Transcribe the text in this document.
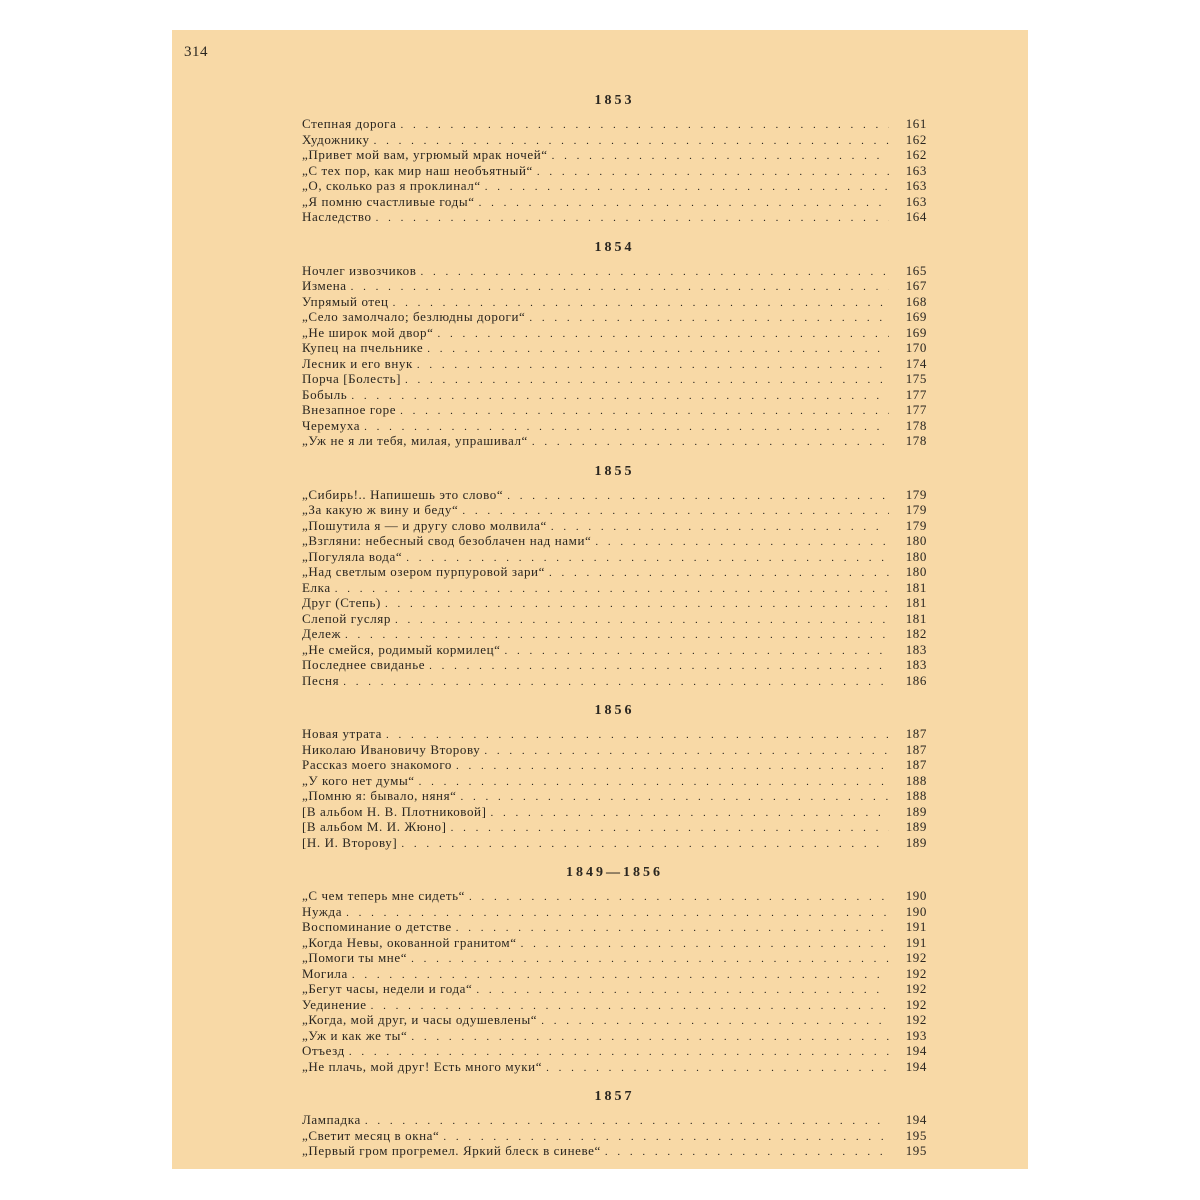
314
1853
Степная дорога . . .	161
Художнику . . .	162
„Привет мой вам, угрюмый мрак ночей“ . . .	162
„С тех пор, как мир наш необъятный“ . . .	163
„О, сколько раз я проклинал“ . . .	163
„Я помню счастливые годы“ . . .	163
Наследство . . .	164
1854
Ночлег извозчиков . . .	165
Измена . . .	167
Упрямый отец . . .	168
„Село замолчало; безлюдны дороги“ . . .	169
„Не широк мой двор“ . . .	169
Купец на пчельнике . . .	170
Лесник и его внук . . .	174
Порча [Болесть] . . .	175
Бобыль . . .	177
Внезапное горе . . .	177
Черемуха . . .	178
„Уж не я ли тебя, милая, упрашивал“ . . .	178
1855
„Сибирь!.. Напишешь это слово“ . . .	179
„За какую ж вину и беду“ . . .	179
„Пошутила я — и другу слово молвила“ . . .	179
„Взгляни: небесный свод безоблачен над нами“ . . .	180
„Погуляла вода“ . . .	180
„Над светлым озером пурпуровой зари“ . . .	180
Елка . . .	181
Друг (Степь) . . .	181
Слепой гусляр . . .	181
Дележ . . .	182
„Не смейся, родимый кормилец“ . . .	183
Последнее свиданье . . .	183
Песня . . .	186
1856
Новая утрата . . .	187
Николаю Ивановичу Второву . . .	187
Рассказ моего знакомого . . .	187
„У кого нет думы“ . . .	188
„Помню я: бывало, няня“ . . .	188
[В альбом Н. В. Плотниковой] . . .	189
[В альбом М. И. Жюно] . . .	189
[Н. И. Второву] . . .	189
1849—1856
„С чем теперь мне сидеть“ . . .	190
Нужда . . .	190
Воспоминание о детстве . . .	191
„Когда Невы, окованной гранитом“ . . .	191
„Помоги ты мне“ . . .	192
Могила . . .	192
„Бегут часы, недели и года“ . . .	192
Уединение . . .	192
„Когда, мой друг, и часы одушевлены“ . . .	192
„Уж и как же ты“ . . .	193
Отъезд . . .	194
„Не плачь, мой друг! Есть много муки“ . . .	194
1857
Лампадка . . .	194
„Светит месяц в окна“ . . .	195
„Первый гром прогремел. Яркий блеск в синеве“ . . .	195
